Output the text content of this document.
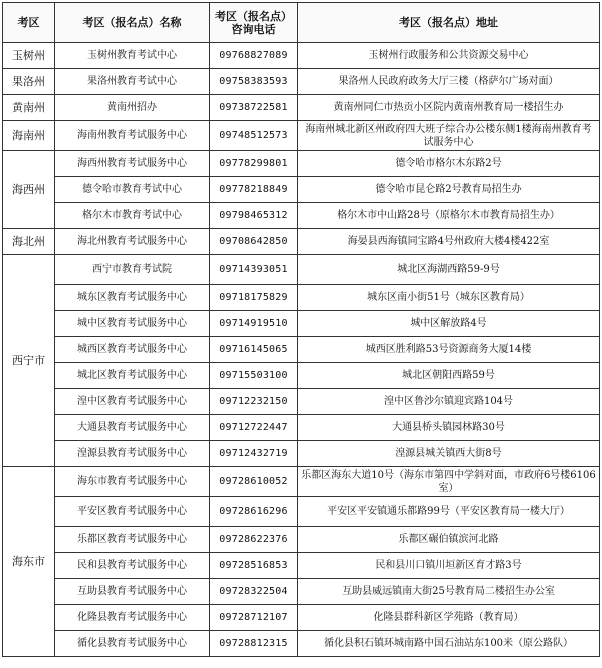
考区	考区（报名点）名称	考区（报名点）咨询电话	考区（报名点）地址
玉树州	玉树州教育考试中心	09768827089	玉树州行政服务和公共资源交易中心
果洛州	果洛州教育考试中心	09758383593	果洛州人民政府政务大厅三楼（格萨尔广场对面）
黄南州	黄南州招办	09738722581	黄南州同仁市热贡小区院内黄南州教育局一楼招生办
海南州	海南州教育考试服务中心	09748512573	海南州城北新区州政府四大班子综合办公楼东侧1楼海南州教育考试服务中心
海西州	海西州教育考试服务中心	09778299801	德令哈市格尔木东路2号
	德令哈市教育考试中心	09778218849	德令哈市昆仑路2号教育局招生办
	格尔木市教育考试中心	09798465312	格尔木市中山路28号（原格尔木市教育局招生办）
海北州	海北州教育考试服务中心	09708642850	海晏县西海镇同宝路4号州政府大楼4楼422室
西宁市	西宁市教育考试院	09714393051	城北区海湖西路59-9号
	城东区教育考试服务中心	09718175829	城东区南小街51号（城东区教育局）
	城中区教育考试服务中心	09714919510	城中区解放路4号
	城西区教育考试服务中心	09716145065	城西区胜利路53号资源商务大厦14楼
	城北区教育考试服务中心	09715503100	城北区朝阳西路59号
	湟中区教育考试服务中心	09712232150	湟中区鲁沙尔镇迎宾路104号
	大通县教育考试服务中心	09712722447	大通县桥头镇园林路30号
	湟源县教育考试服务中心	09712432719	湟源县城关镇西大街8号
海东市	海东市教育考试服务中心	09728610052	乐都区海东大道10号（海东市第四中学斜对面，市政府6号楼6106室）
	平安区教育考试服务中心	09728616296	平安区平安镇通乐都路99号（平安区教育局一楼大厅）
	乐都区教育考试服务中心	09728622376	乐都区碾伯镇滨河北路
	民和县教育考试服务中心	09728516853	民和县川口镇川垣新区育才路3号
	互助县教育考试服务中心	09728322504	互助县威远镇南大街25号教育局二楼招生办公室
	化隆县教育考试服务中心	09728712107	化隆县群科新区学苑路（教育局）
	循化县教育考试服务中心	09728812315	循化县积石镇环城南路中国石油站东100米（原公路队）
